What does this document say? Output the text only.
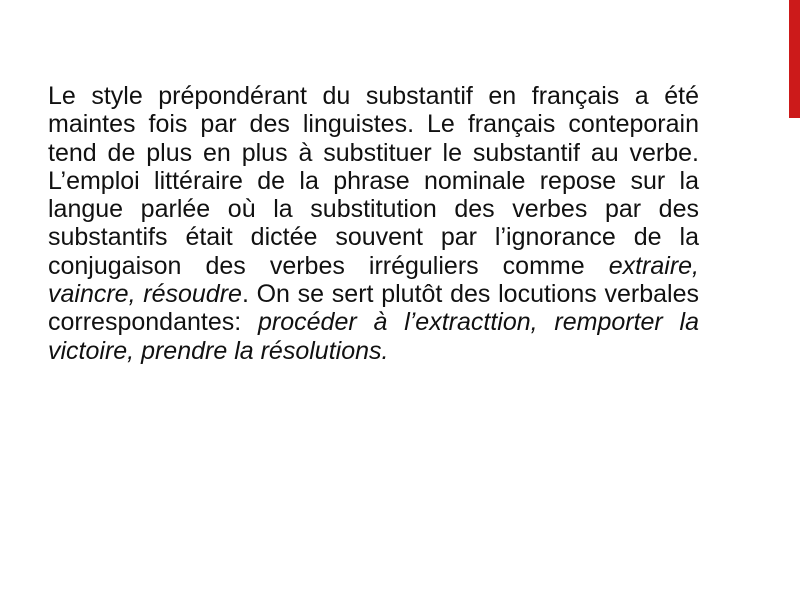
Le style prépondérant du substantif en français a été maintes fois par des linguistes. Le français conteporain tend de plus en plus à substituer le substantif au verbe. L’emploi littéraire de la phrase nominale repose sur la langue parlée où la substitution des verbes par des substantifs était dictée souvent par l’ignorance de la conjugaison des verbes irréguliers comme extraire, vaincre, résoudre. On se sert plutôt des locutions verbales correspondantes: procéder à l’extracttion, remporter la victoire, prendre la résolutions.
